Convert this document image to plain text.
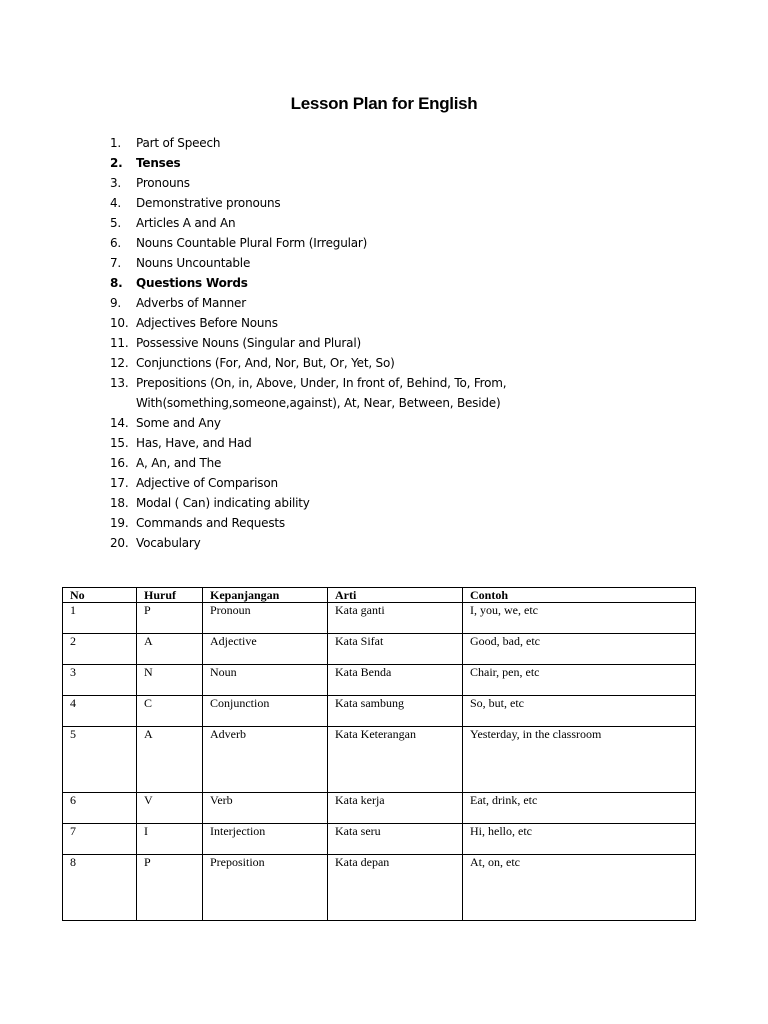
Lesson Plan for English
1.	Part of Speech
2.	Tenses
3.	Pronouns
4.	Demonstrative pronouns
5.	Articles A and An
6.	Nouns Countable Plural Form (Irregular)
7.	Nouns Uncountable
8.	Questions Words
9.	Adverbs of Manner
10. Adjectives Before Nouns
11. Possessive Nouns (Singular and Plural)
12. Conjunctions (For, And, Nor, But, Or, Yet, So)
13. Prepositions (On, in, Above, Under, In front of, Behind, To, From, With(something,someone,against), At, Near, Between, Beside)
14. Some and Any
15. Has, Have, and Had
16. A, An, and The
17. Adjective of Comparison
18. Modal ( Can) indicating ability
19. Commands and Requests
20. Vocabulary
No	Huruf	Kepanjangan	Arti	Contoh
1	P	Pronoun	Kata ganti	I, you, we, etc
2	A	Adjective	Kata Sifat	Good, bad, etc
3	N	Noun	Kata Benda	Chair, pen, etc
4	C	Conjunction	Kata sambung	So, but, etc
5	A	Adverb	Kata Keterangan	Yesterday, in the classroom
6	V	Verb	Kata kerja	Eat, drink, etc
7	I	Interjection	Kata seru	Hi, hello, etc
8	P	Preposition	Kata depan	At, on, etc
